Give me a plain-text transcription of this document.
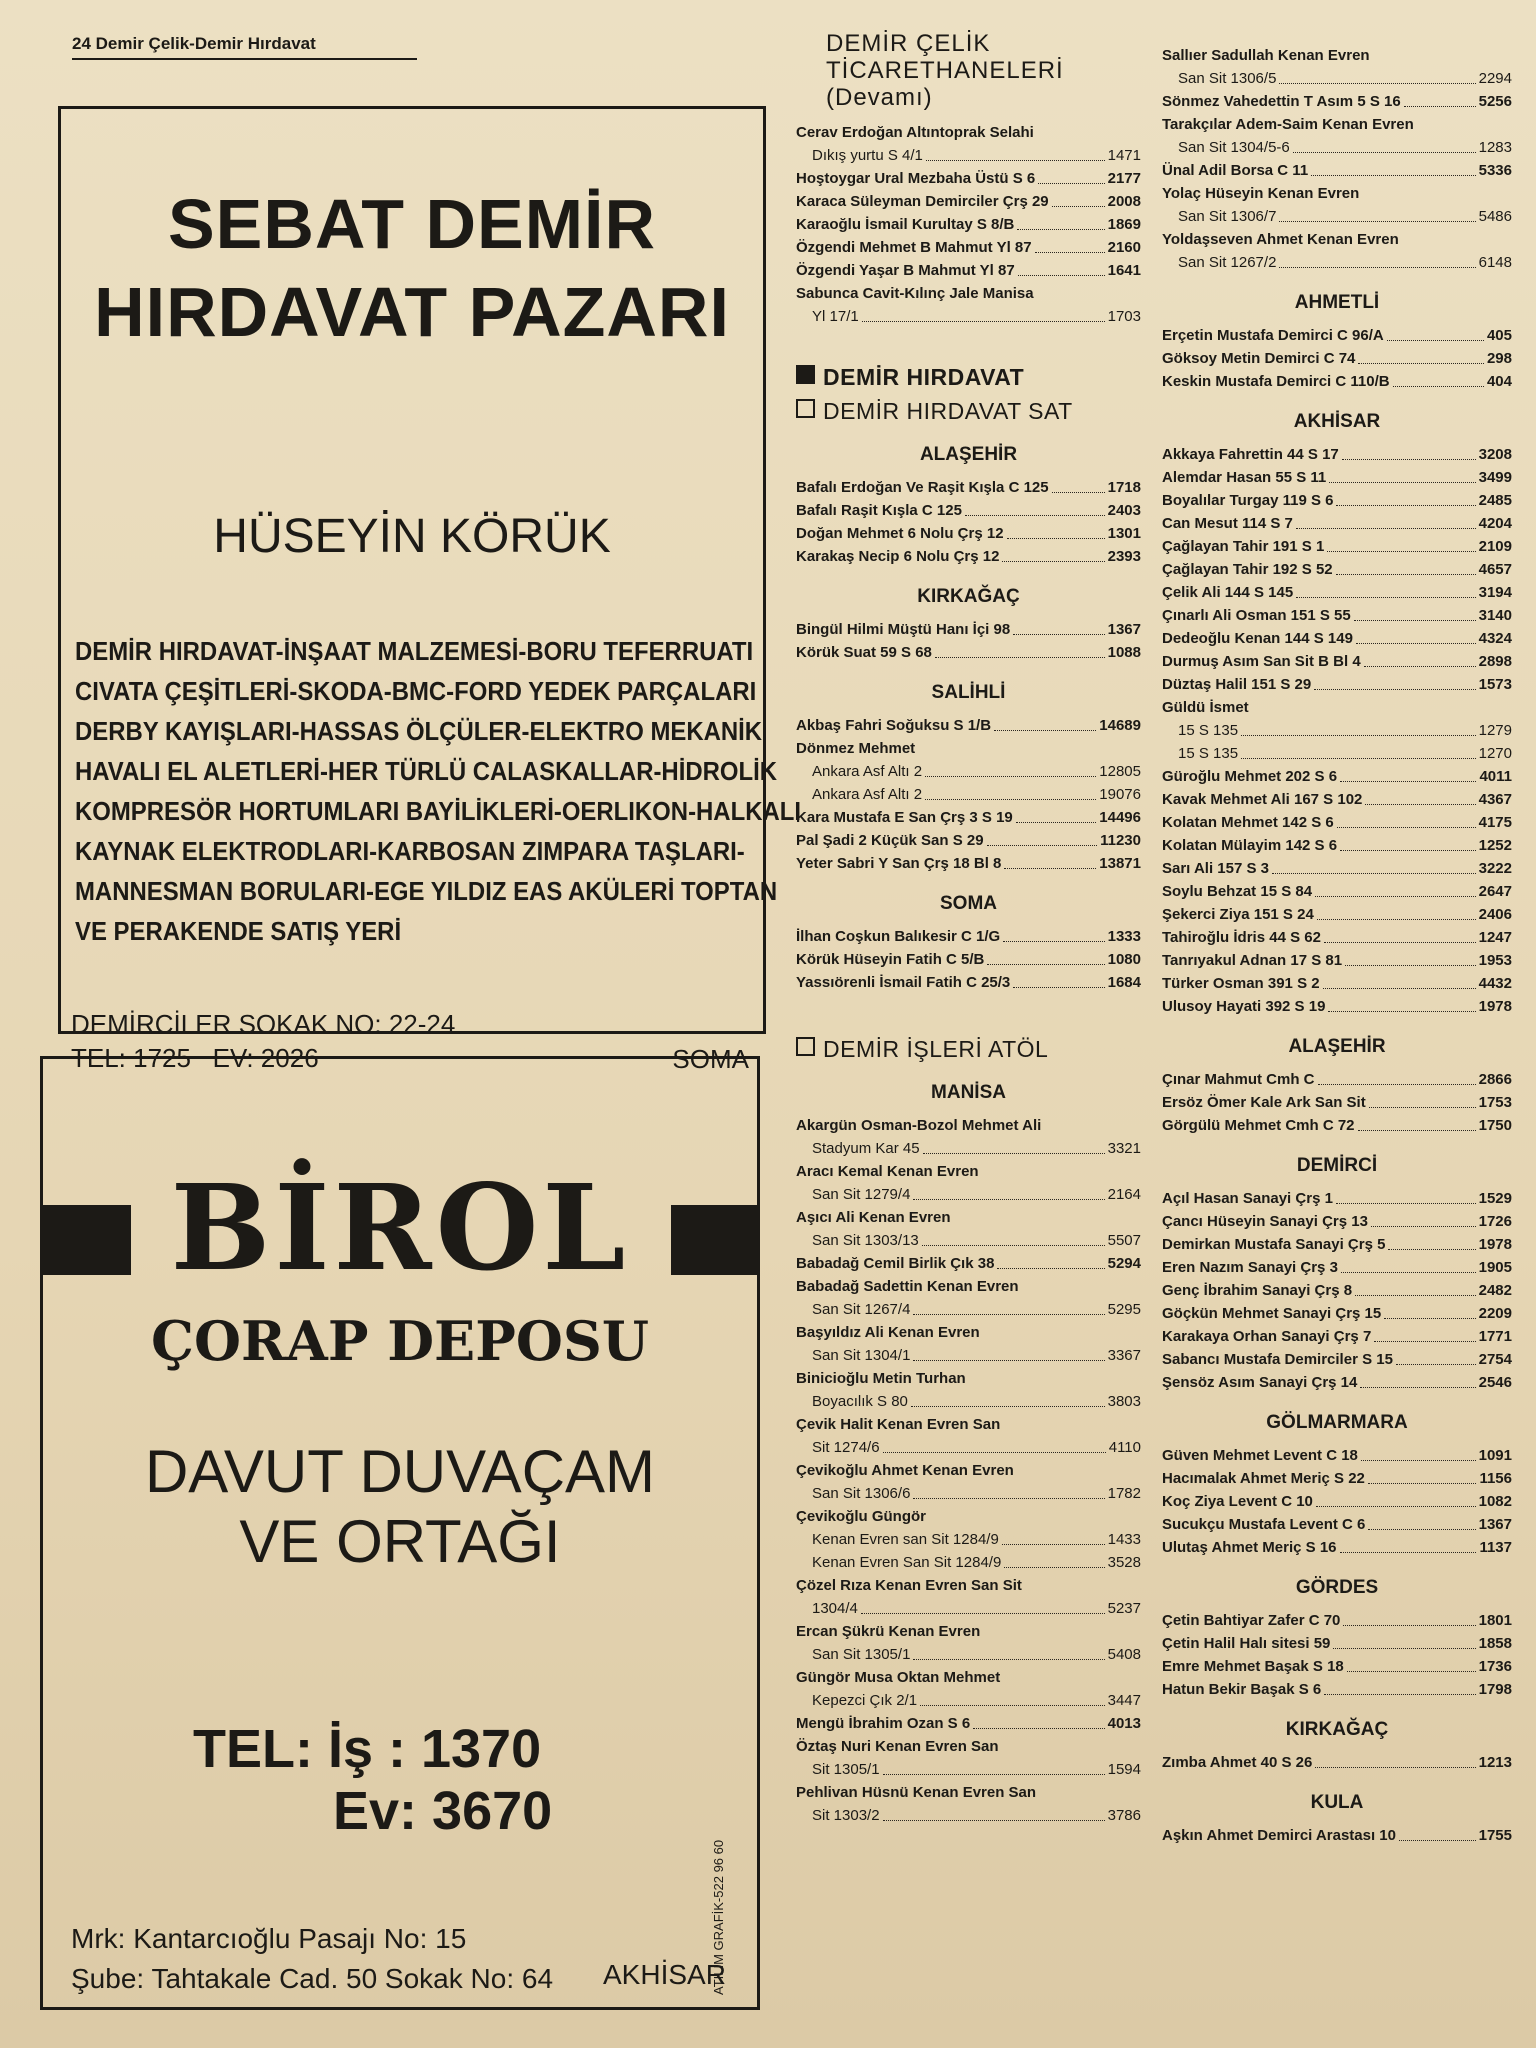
24 Demir Çelik-Demir Hırdavat
SEBAT DEMİR
HIRDAVAT PAZARI
HÜSEYİN KÖRÜK
DEMİR HIRDAVAT-İNŞAAT MALZEMESİ-BORU TEFERRUATI
CIVATA ÇEŞİTLERİ-SKODA-BMC-FORD YEDEK PARÇALARI
DERBY KAYIŞLARI-HASSAS ÖLÇÜLER-ELEKTRO MEKANİK
HAVALI EL ALETLERİ-HER TÜRLÜ CALASKALLAR-HİDROLİK
KOMPRESÖR HORTUMLARI BAYİLİKLERİ-OERLIKON-HALKALI
KAYNAK ELEKTRODLARI-KARBOSAN ZIMPARA TAŞLARI-
MANNESMAN BORULARI-EGE YILDIZ EAS AKÜLERİ TOPTAN
VE PERAKENDE SATIŞ YERİ
DEMİRCİLER SOKAK NO: 22-24
TEL: 1725   EV: 2026	SOMA
BİROL
ÇORAP DEPOSU
DAVUT DUVAÇAM
VE ORTAĞI
TEL: İş : 1370
Ev: 3670
Mrk: Kantarcıoğlu Pasajı No: 15
Şube: Tahtakale Cad. 50 Sokak No: 64 AKHİSAR
ATILIM GRAFİK-522 96 60
DEMİR ÇELİK
TİCARETHANELERİ
(Devamı)
Cerav Erdoğan Altıntoprak Selahi
Dıkış yurtu S 4/1	1471
Hoştoygar Ural Mezbaha Üstü S 6	2177
Karaca Süleyman Demirciler Çrş 29	2008
Karaoğlu İsmail Kurultay S 8/B	1869
Özgendi Mehmet B Mahmut Yl 87	2160
Özgendi Yaşar B Mahmut Yl 87	1641
Sabunca Cavit-Kılınç Jale Manisa
Yl 17/1	1703
DEMİR HIRDAVAT
DEMİR HIRDAVAT SAT
ALAŞEHİR
Bafalı Erdoğan Ve Raşit Kışla C 125	1718
Bafalı Raşit Kışla C 125	2403
Doğan Mehmet 6 Nolu Çrş 12	1301
Karakaş Necip 6 Nolu Çrş 12	2393
KIRKAĞAÇ
Bingül Hilmi Müştü Hanı İçi 98	1367
Körük Suat 59 S 68	1088
SALİHLİ
Akbaş Fahri Soğuksu S 1/B	14689
Dönmez Mehmet
Ankara Asf Altı 2	12805
Ankara Asf Altı 2	19076
Kara Mustafa E San Çrş 3 S 19	14496
Pal Şadi 2 Küçük San S 29	11230
Yeter Sabri Y San Çrş 18 Bl 8	13871
SOMA
İlhan Coşkun Balıkesir C 1/G	1333
Körük Hüseyin Fatih C 5/B	1080
Yassıörenli İsmail Fatih C 25/3	1684
DEMİR İŞLERİ ATÖL
MANİSA
Akargün Osman-Bozol Mehmet Ali
Stadyum Kar 45	3321
Aracı Kemal Kenan Evren
San Sit 1279/4	2164
Aşıcı Ali Kenan Evren
San Sit 1303/13	5507
Babadağ Cemil Birlik Çık 38	5294
Babadağ Sadettin Kenan Evren
San Sit 1267/4	5295
Başyıldız Ali Kenan Evren
San Sit 1304/1	3367
Binicioğlu Metin Turhan
Boyacılık S 80	3803
Çevik Halit Kenan Evren San
Sit 1274/6	4110
Çevikoğlu Ahmet Kenan Evren
San Sit 1306/6	1782
Çevikoğlu Güngör
Kenan Evren san Sit 1284/9	1433
Kenan Evren San Sit 1284/9	3528
Çözel Rıza Kenan Evren San Sit
1304/4	5237
Ercan Şükrü Kenan Evren
San Sit 1305/1	5408
Güngör Musa Oktan Mehmet
Kepezci Çık 2/1	3447
Mengü İbrahim Ozan S 6	4013
Öztaş Nuri Kenan Evren San
Sit 1305/1	1594
Pehlivan Hüsnü Kenan Evren San
Sit 1303/2	3786
Sallıer Sadullah Kenan Evren
San Sit 1306/5	2294
Sönmez Vahedettin T Asım 5 S 16	5256
Tarakçılar Adem-Saim Kenan Evren
San Sit 1304/5-6	1283
Ünal Adil Borsa C 11	5336
Yolaç Hüseyin Kenan Evren
San Sit 1306/7	5486
Yoldaşseven Ahmet Kenan Evren
San Sit 1267/2	6148
AHMETLİ
Erçetin Mustafa Demirci C 96/A	405
Göksoy Metin Demirci C 74	298
Keskin Mustafa Demirci C 110/B	404
AKHİSAR
Akkaya Fahrettin 44 S 17	3208
Alemdar Hasan 55 S 11	3499
Boyalılar Turgay 119 S 6	2485
Can Mesut 114 S 7	4204
Çağlayan Tahir 191 S 1	2109
Çağlayan Tahir 192 S 52	4657
Çelik Ali 144 S 145	3194
Çınarlı Ali Osman 151 S 55	3140
Dedeoğlu Kenan 144 S 149	4324
Durmuş Asım San Sit B Bl 4	2898
Düztaş Halil 151 S 29	1573
Güldü İsmet
15 S 135	1279
15 S 135	1270
Güroğlu Mehmet 202 S 6	4011
Kavak Mehmet Ali 167 S 102	4367
Kolatan Mehmet 142 S 6	4175
Kolatan Mülayim 142 S 6	1252
Sarı Ali 157 S 3	3222
Soylu Behzat 15 S 84	2647
Şekerci Ziya 151 S 24	2406
Tahiroğlu İdris 44 S 62	1247
Tanrıyakul Adnan 17 S 81	1953
Türker Osman 391 S 2	4432
Ulusoy Hayati 392 S 19	1978
ALAŞEHİR
Çınar Mahmut Cmh C	2866
Ersöz Ömer Kale Ark San Sit	1753
Görgülü Mehmet Cmh C 72	1750
DEMİRCİ
Açıl Hasan Sanayi Çrş 1	1529
Çancı Hüseyin Sanayi Çrş 13	1726
Demirkan Mustafa Sanayi Çrş 5	1978
Eren Nazım Sanayi Çrş 3	1905
Genç İbrahim Sanayi Çrş 8	2482
Göçkün Mehmet Sanayi Çrş 15	2209
Karakaya Orhan Sanayi Çrş 7	1771
Sabancı Mustafa Demirciler S 15	2754
Şensöz Asım Sanayi Çrş 14	2546
GÖLMARMARA
Güven Mehmet Levent C 18	1091
Hacımalak Ahmet Meriç S 22	1156
Koç Ziya Levent C 10	1082
Sucukçu Mustafa Levent C 6	1367
Ulutaş Ahmet Meriç S 16	1137
GÖRDES
Çetin Bahtiyar Zafer C 70	1801
Çetin Halil Halı sitesi 59	1858
Emre Mehmet Başak S 18	1736
Hatun Bekir Başak S 6	1798
KIRKAĞAÇ
Zımba Ahmet 40 S 26	1213
KULA
Aşkın Ahmet Demirci Arastası 10	1755
